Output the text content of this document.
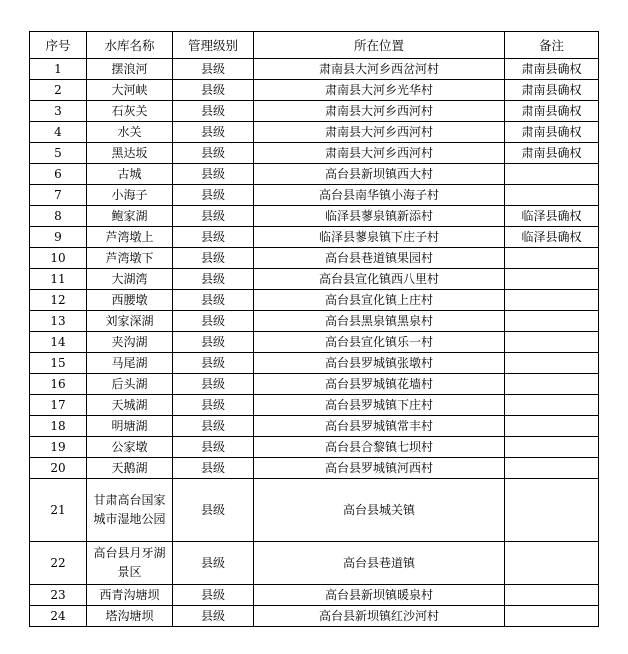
序号	水库名称	管理级别	所在位置	备注
1	摆浪河	县级	肃南县大河乡西岔河村	肃南县确权
2	大河峡	县级	肃南县大河乡光华村	肃南县确权
3	石灰关	县级	肃南县大河乡西河村	肃南县确权
4	水关	县级	肃南县大河乡西河村	肃南县确权
5	黑达坂	县级	肃南县大河乡西河村	肃南县确权
6	古城	县级	高台县新坝镇西大村	
7	小海子	县级	高台县南华镇小海子村	
8	鲍家湖	县级	临泽县蓼泉镇新添村	临泽县确权
9	芦湾墩上	县级	临泽县蓼泉镇下庄子村	临泽县确权
10	芦湾墩下	县级	高台县巷道镇果园村	
11	大湖湾	县级	高台县宣化镇西八里村	
12	西腰墩	县级	高台县宣化镇上庄村	
13	刘家深湖	县级	高台县黑泉镇黑泉村	
14	夹沟湖	县级	高台县宣化镇乐一村	
15	马尾湖	县级	高台县罗城镇张墩村	
16	后头湖	县级	高台县罗城镇花墙村	
17	天城湖	县级	高台县罗城镇下庄村	
18	明塘湖	县级	高台县罗城镇常丰村	
19	公家墩	县级	高台县合黎镇七坝村	
20	天鹅湖	县级	高台县罗城镇河西村	
21	甘肃高台国家城市湿地公园	县级	高台县城关镇	
22	高台县月牙湖景区	县级	高台县巷道镇	
23	西青沟塘坝	县级	高台县新坝镇暖泉村	
24	塔沟塘坝	县级	高台县新坝镇红沙河村	
